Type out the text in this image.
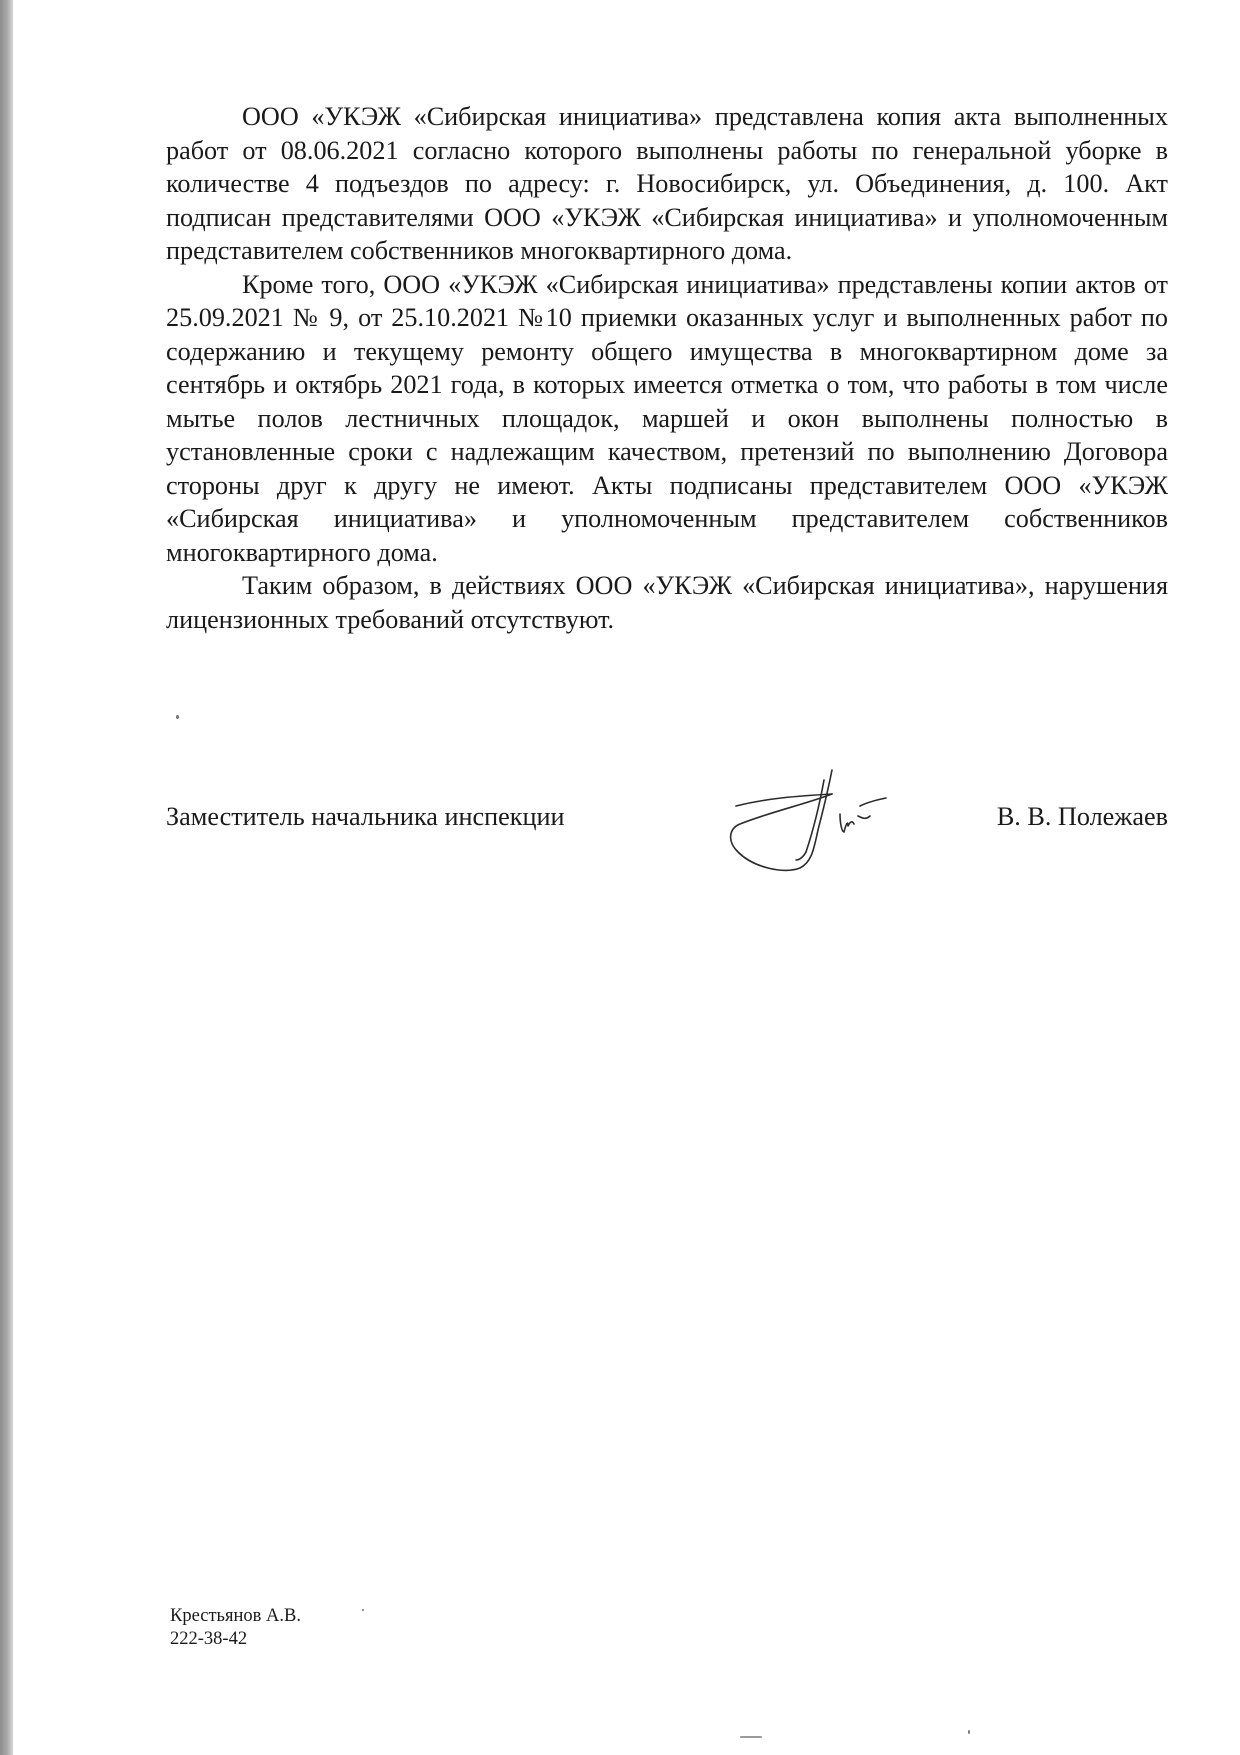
ООО «УКЭЖ «Сибирская инициатива» представлена копия акта выполненных работ от 08.06.2021 согласно которого выполнены работы по генеральной уборке в количестве 4 подъездов по адресу: г. Новосибирск, ул. Объединения, д. 100. Акт подписан представителями ООО «УКЭЖ «Сибирская инициатива» и уполномоченным представителем собственников многоквартирного дома.

Кроме того, ООО «УКЭЖ «Сибирская инициатива» представлены копии актов от 25.09.2021 № 9, от 25.10.2021 №10 приемки оказанных услуг и выполненных работ по содержанию и текущему ремонту общего имущества в многоквартирном доме за сентябрь и октябрь 2021 года, в которых имеется отметка о том, что работы в том числе мытье полов лестничных площадок, маршей и окон выполнены полностью в установленные сроки с надлежащим качеством, претензий по выполнению Договора стороны друг к другу не имеют. Акты подписаны представителем ООО «УКЭЖ «Сибирская инициатива» и уполномоченным представителем собственников многоквартирного дома.

Таким образом, в действиях ООО «УКЭЖ «Сибирская инициатива», нарушения лицензионных требований отсутствуют.

Заместитель начальника инспекции	В. В. Полежаев
Крестьянов А.В.
222-38-42
